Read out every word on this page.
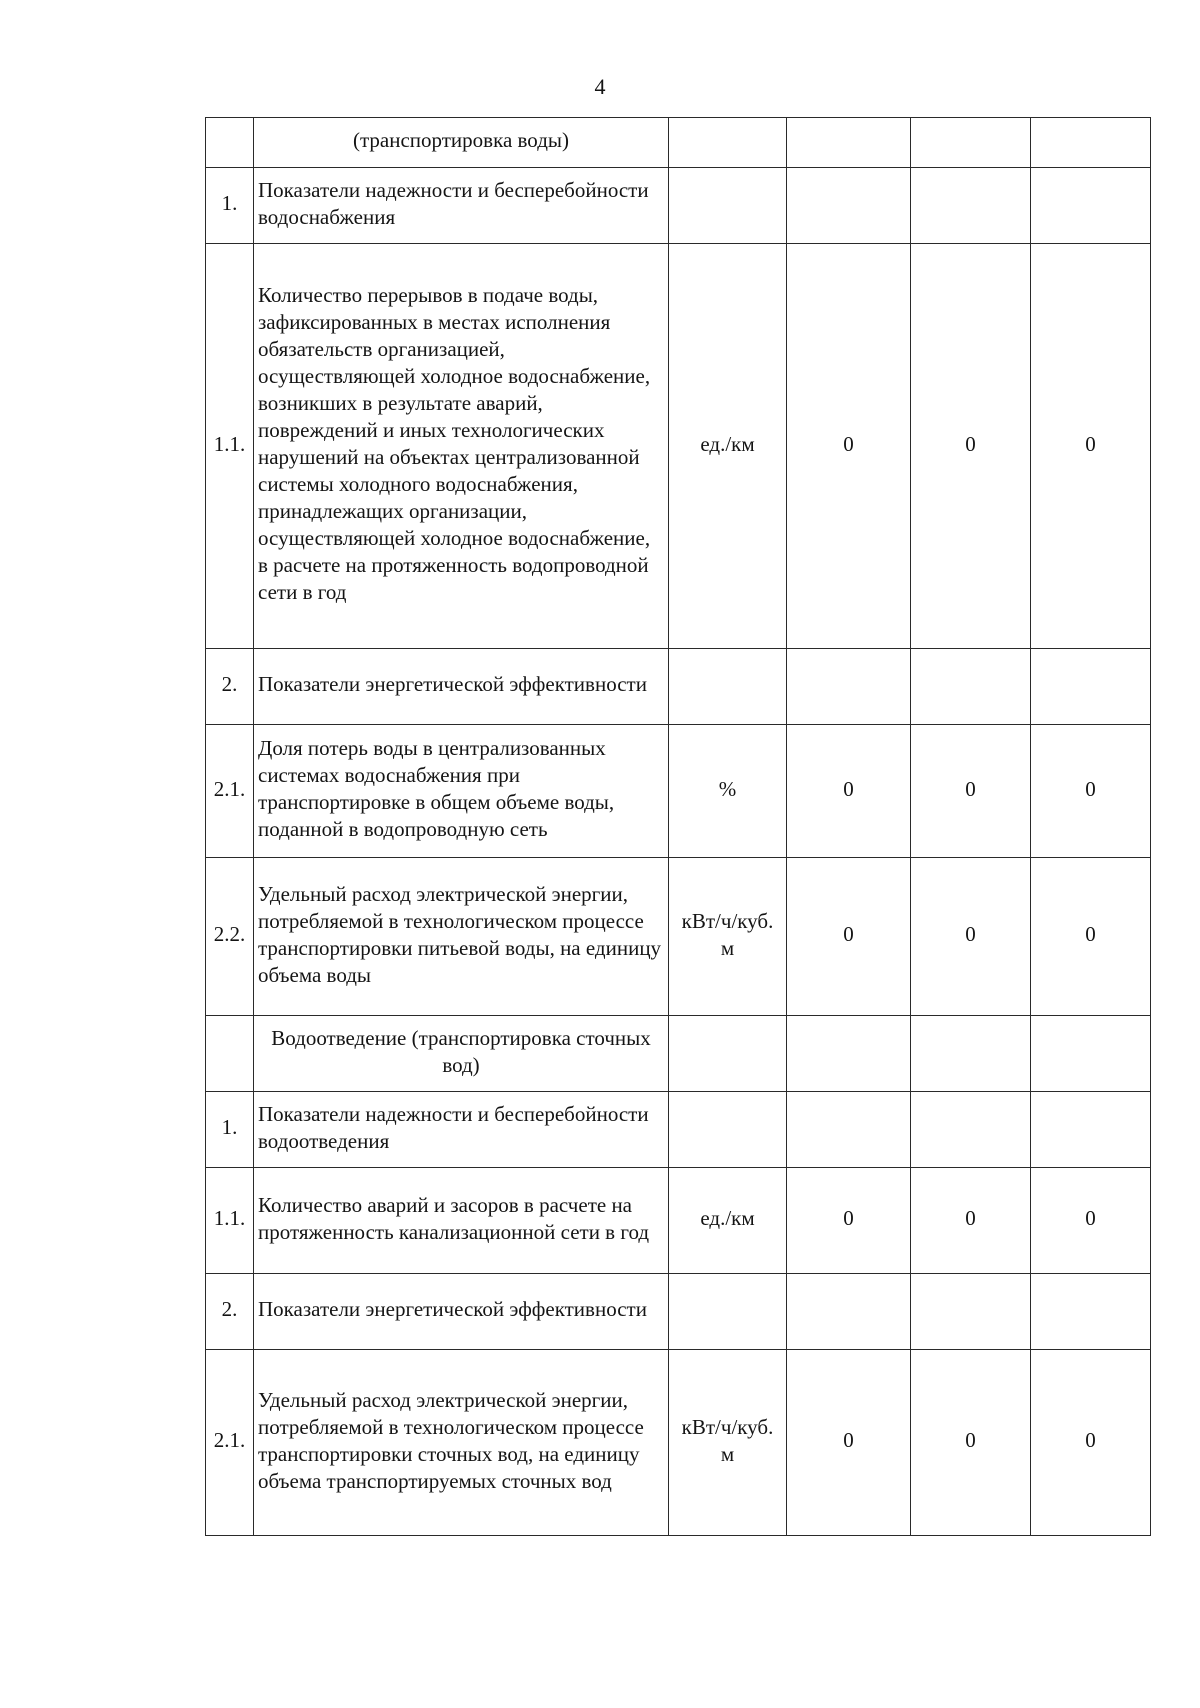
4
	(транспортировка воды)				
1.	Показатели надежности и бесперебойности водоснабжения				
1.1.	Количество перерывов в подаче воды, зафиксированных в местах исполнения обязательств организацией, осуществляющей холодное водоснабжение, возникших в результате аварий, повреждений и иных технологических нарушений на объектах централизованной системы холодного водоснабжения, принадлежащих организации, осуществляющей холодное водоснабжение, в расчете на протяженность водопроводной сети в год	ед./км	0	0	0
2.	Показатели энергетической эффективности				
2.1.	Доля потерь воды в централизованных системах водоснабжения при транспортировке в общем объеме воды, поданной в водопроводную сеть	%	0	0	0
2.2.	Удельный расход электрической энергии, потребляемой в технологическом процессе транспортировки питьевой воды, на единицу объема воды	кВт/ч/куб. м	0	0	0
	Водоотведение (транспортировка сточных вод)				
1.	Показатели надежности и бесперебойности водоотведения				
1.1.	Количество аварий и засоров в расчете на протяженность канализационной сети в год	ед./км	0	0	0
2.	Показатели энергетической эффективности				
2.1.	Удельный расход электрической энергии, потребляемой в технологическом процессе транспортировки сточных вод, на единицу объема транспортируемых сточных вод	кВт/ч/куб. м	0	0	0
